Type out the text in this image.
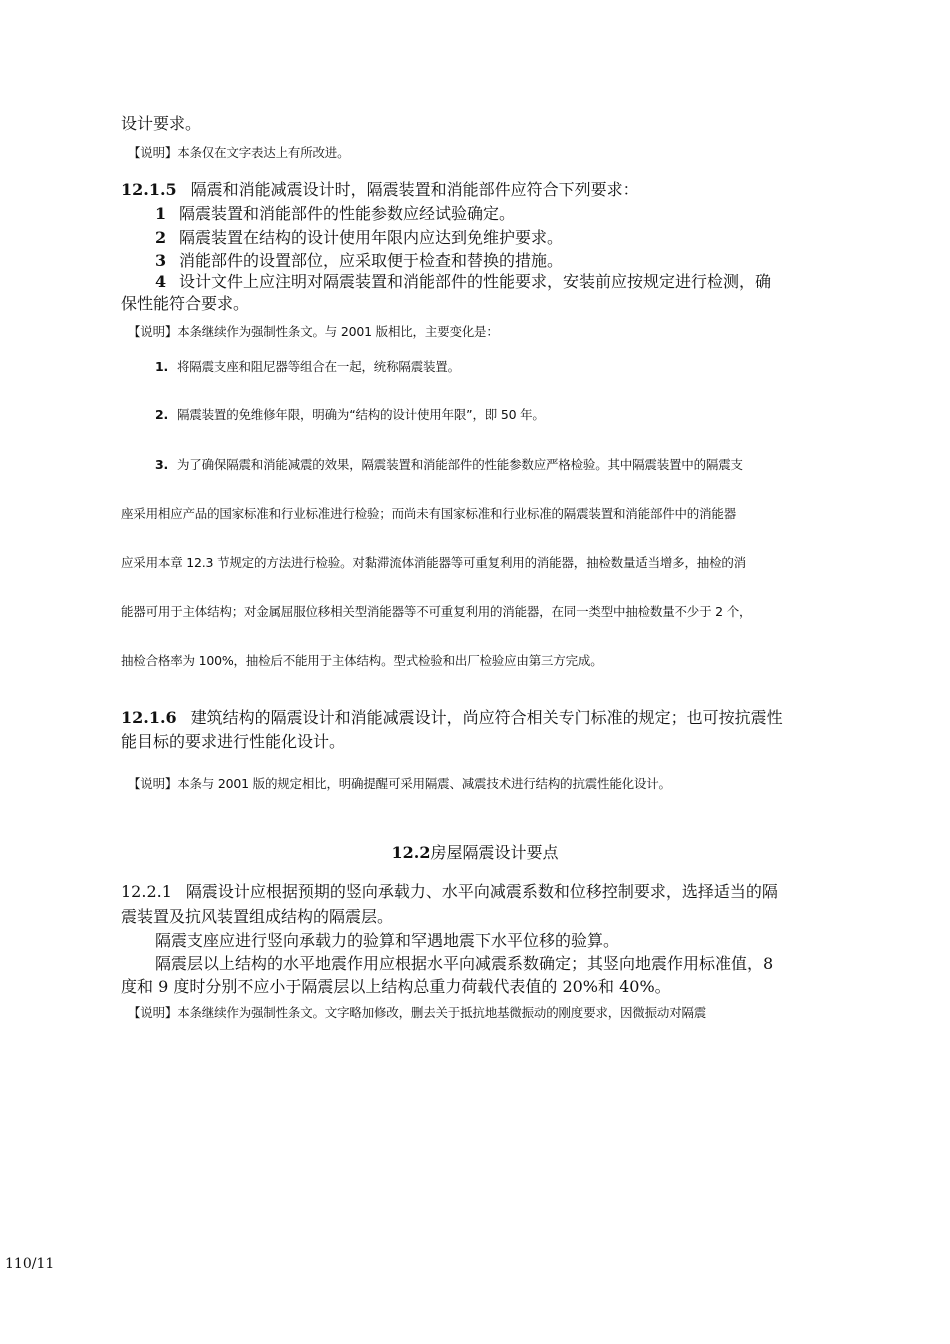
设计要求。
【说明】本条仅在文字表达上有所改进。
12.1.5 隔震和消能减震设计时，隔震装置和消能部件应符合下列要求：
1 隔震装置和消能部件的性能参数应经试验确定。
2 隔震装置在结构的设计使用年限内应达到免维护要求。
3 消能部件的设置部位，应采取便于检查和替换的措施。
4 设计文件上应注明对隔震装置和消能部件的性能要求，安装前应按规定进行检测，确
保性能符合要求。
【说明】本条继续作为强制性条文。与 2001 版相比，主要变化是：
1. 将隔震支座和阻尼器等组合在一起，统称隔震装置。
2. 隔震装置的免维修年限，明确为“结构的设计使用年限”，即 50 年。
3. 为了确保隔震和消能减震的效果，隔震装置和消能部件的性能参数应严格检验。其中隔震装置中的隔震支
座采用相应产品的国家标准和行业标准进行检验；而尚未有国家标准和行业标准的隔震装置和消能部件中的消能器
应采用本章 12.3 节规定的方法进行检验。对黏滞流体消能器等可重复利用的消能器，抽检数量适当增多，抽检的消
能器可用于主体结构；对金属屈服位移相关型消能器等不可重复利用的消能器，在同一类型中抽检数量不少于 2 个，
抽检合格率为 100%，抽检后不能用于主体结构。型式检验和出厂检验应由第三方完成。
12.1.6 建筑结构的隔震设计和消能减震设计，尚应符合相关专门标准的规定；也可按抗震性
能目标的要求进行性能化设计。
【说明】本条与 2001 版的规定相比，明确提醒可采用隔震、减震技术进行结构的抗震性能化设计。
12.2房屋隔震设计要点
12.2.1 隔震设计应根据预期的竖向承载力、水平向减震系数和位移控制要求，选择适当的隔
震装置及抗风装置组成结构的隔震层。
隔震支座应进行竖向承载力的验算和罕遇地震下水平位移的验算。
隔震层以上结构的水平地震作用应根据水平向减震系数确定；其竖向地震作用标准值，8
度和 9 度时分别不应小于隔震层以上结构总重力荷载代表值的 20%和 40%。
【说明】本条继续作为强制性条文。文字略加修改，删去关于抵抗地基微振动的刚度要求，因微振动对隔震
110/11
